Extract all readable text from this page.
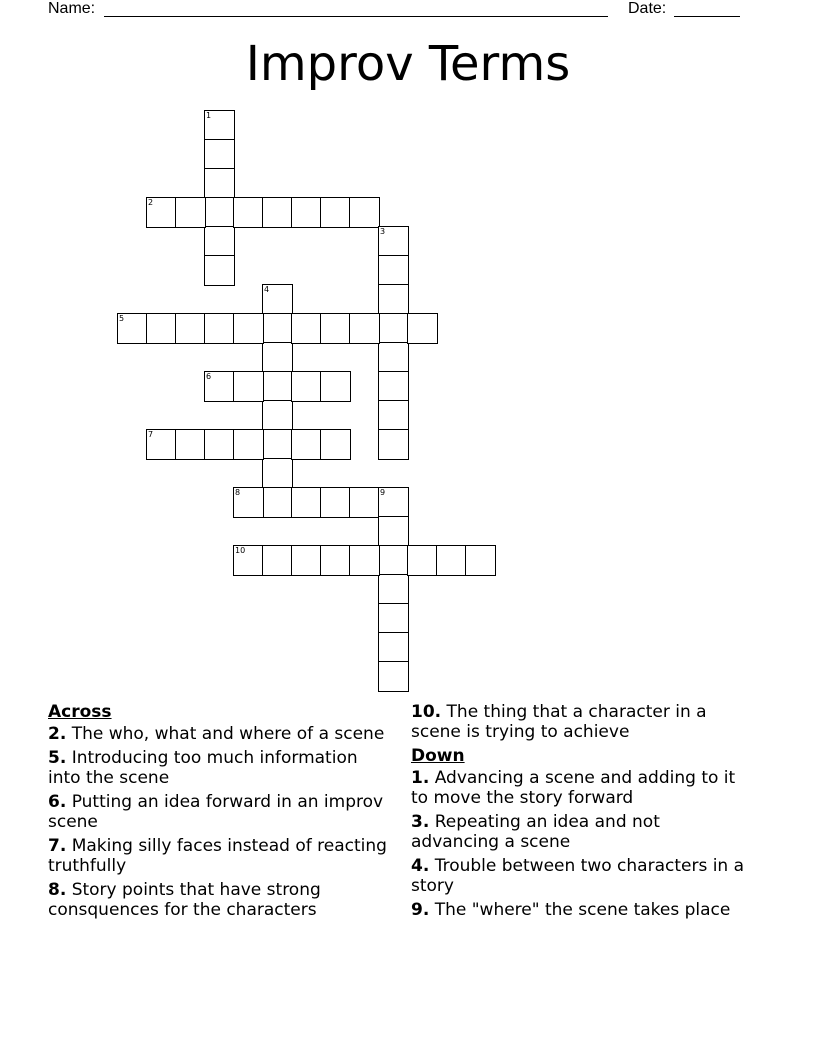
Name:	Date:
Improv Terms
1
2
3
4
5
6
7
8	9
10
Across
2. The who, what and where of a scene
5. Introducing too much information into the scene
6. Putting an idea forward in an improv scene
7. Making silly faces instead of reacting truthfully
8. Story points that have strong consquences for the characters
10. The thing that a character in a scene is trying to achieve
Down
1. Advancing a scene and adding to it to move the story forward
3. Repeating an idea and not advancing a scene
4. Trouble between two characters in a story
9. The "where" the scene takes place
